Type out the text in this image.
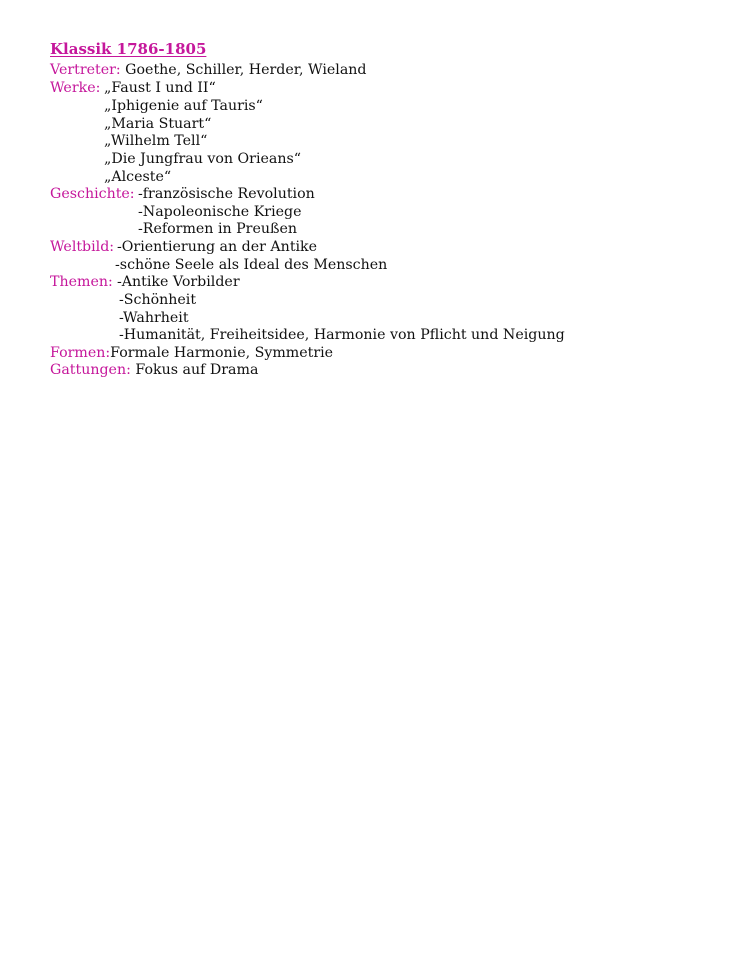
Klassik 1786-1805
Vertreter: Goethe, Schiller, Herder, Wieland
Werke: „Faust I und II“
„Iphigenie auf Tauris“
„Maria Stuart“
„Wilhelm Tell“
„Die Jungfrau von Orieans“
„Alceste“
Geschichte: -französische Revolution
-Napoleonische Kriege
-Reformen in Preußen
Weltbild: -Orientierung an der Antike
-schöne Seele als Ideal des Menschen
Themen: -Antike Vorbilder
-Schönheit
-Wahrheit
-Humanität, Freiheitsidee, Harmonie von Pflicht und Neigung
Formen:Formale Harmonie, Symmetrie
Gattungen: Fokus auf Drama
